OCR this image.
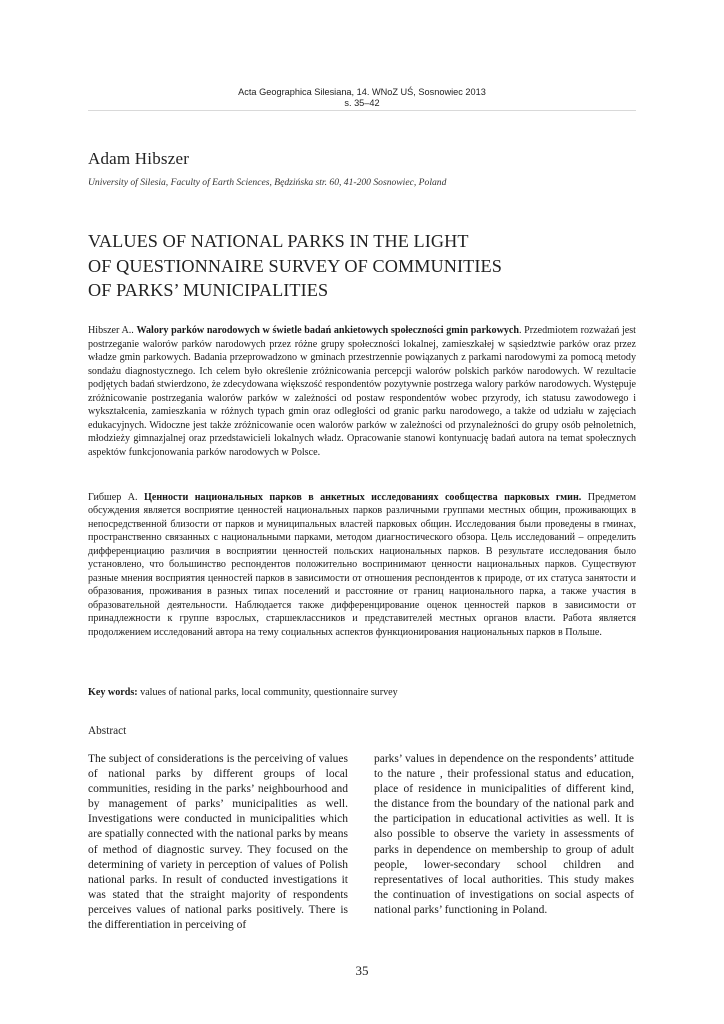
Acta Geographica Silesiana, 14. WNoZ UŚ, Sosnowiec 2013
s. 35–42
Adam Hibszer
University of Silesia, Faculty of Earth Sciences, Będzińska str. 60, 41-200 Sosnowiec, Poland
VALUES OF NATIONAL PARKS IN THE LIGHT
OF QUESTIONNAIRE SURVEY OF COMMUNITIES
OF PARKS’ MUNICIPALITIES
Hibszer A.. Walory parków narodowych w świetle badań ankietowych społeczności gmin parkowych. Przedmiotem rozważań jest postrzeganie walorów parków narodowych przez różne grupy społeczności lokalnej, zamieszkałej w sąsiedztwie parków oraz przez władze gmin parkowych. Badania przeprowadzono w gminach przestrzennie powiązanych z parkami narodowymi za pomocą metody sondażu diagnostycznego. Ich celem było określenie zróżnicowania percepcji walorów polskich parków narodowych. W rezultacie podjętych badań stwierdzono, że zdecydowana większość respondentów pozytywnie postrzega walory parków narodowych. Występuje zróżnicowanie postrzegania walorów parków w zależności od postaw respondentów wobec przyrody, ich statusu zawodowego i wykształcenia, zamieszkania w różnych typach gmin oraz odległości od granic parku narodowego, a także od udziału w zajęciach edukacyjnych. Widoczne jest także zróżnicowanie ocen walorów parków w zależności od przynależności do grupy osób pełnoletnich, młodzieży gimnazjalnej oraz przedstawicieli lokalnych władz. Opracowanie stanowi kontynuację badań autora na temat społecznych aspektów funkcjonowania parków narodowych w Polsce.
Гибшер А. Ценности национальных парков в анкетных исследованиях сообщества парковых гмин. Предметом обсуждения является восприятие ценностей национальных парков различными группами местных общин, проживающих в непосредственной близости от парков и муниципальных властей парковых общин. Исследования были проведены в гминах, пространственно связанных с национальными парками, методом диагностического обзора. Цель исследований – определить дифференциацию различия в восприятии ценностей польских национальных парков. В результате исследования было установлено, что большинство респондентов положительно воспринимают ценности национальных парков. Существуют разные мнения восприятия ценностей парков в зависимости от отношения респондентов к природе, от их статуса занятости и образования, проживания в разных типах поселений и расстояние от границ национального парка, а также участия в образовательной деятельности. Наблюдается также дифференцирование оценок ценностей парков в зависимости от принадлежности к группе взрослых, старшеклассников и представителей местных органов власти. Работа является продолжением исследований автора на тему социальных аспектов функционирования национальных парков в Польше.
Key words: values of national parks, local community, questionnaire survey
Abstract
The subject of considerations is the perceiving of values of national parks by different groups of local communities, residing in the parks’ neighbourhood and by management of parks’ municipalities as well. Investigations were conducted in municipalities which are spatially connected with the national parks by means of method of diagnostic survey. They focused on the determining of variety in perception of values of Polish national parks. In result of conducted investigations it was stated that the straight majority of respondents perceives values of national parks positively. There is the differentiation in perceiving of
parks’ values in dependence on the respondents’ attitude to the nature , their professional status and education, place of residence in municipalities of different kind, the distance from the boundary of the national park and the participation in educational activities as well. It is also possible to observe the variety in assessments of parks in dependence on membership to group of adult people, lower-secondary school children and representatives of local authorities. This study makes the continuation of investigations on social aspects of national parks’ functioning in Poland.
35
